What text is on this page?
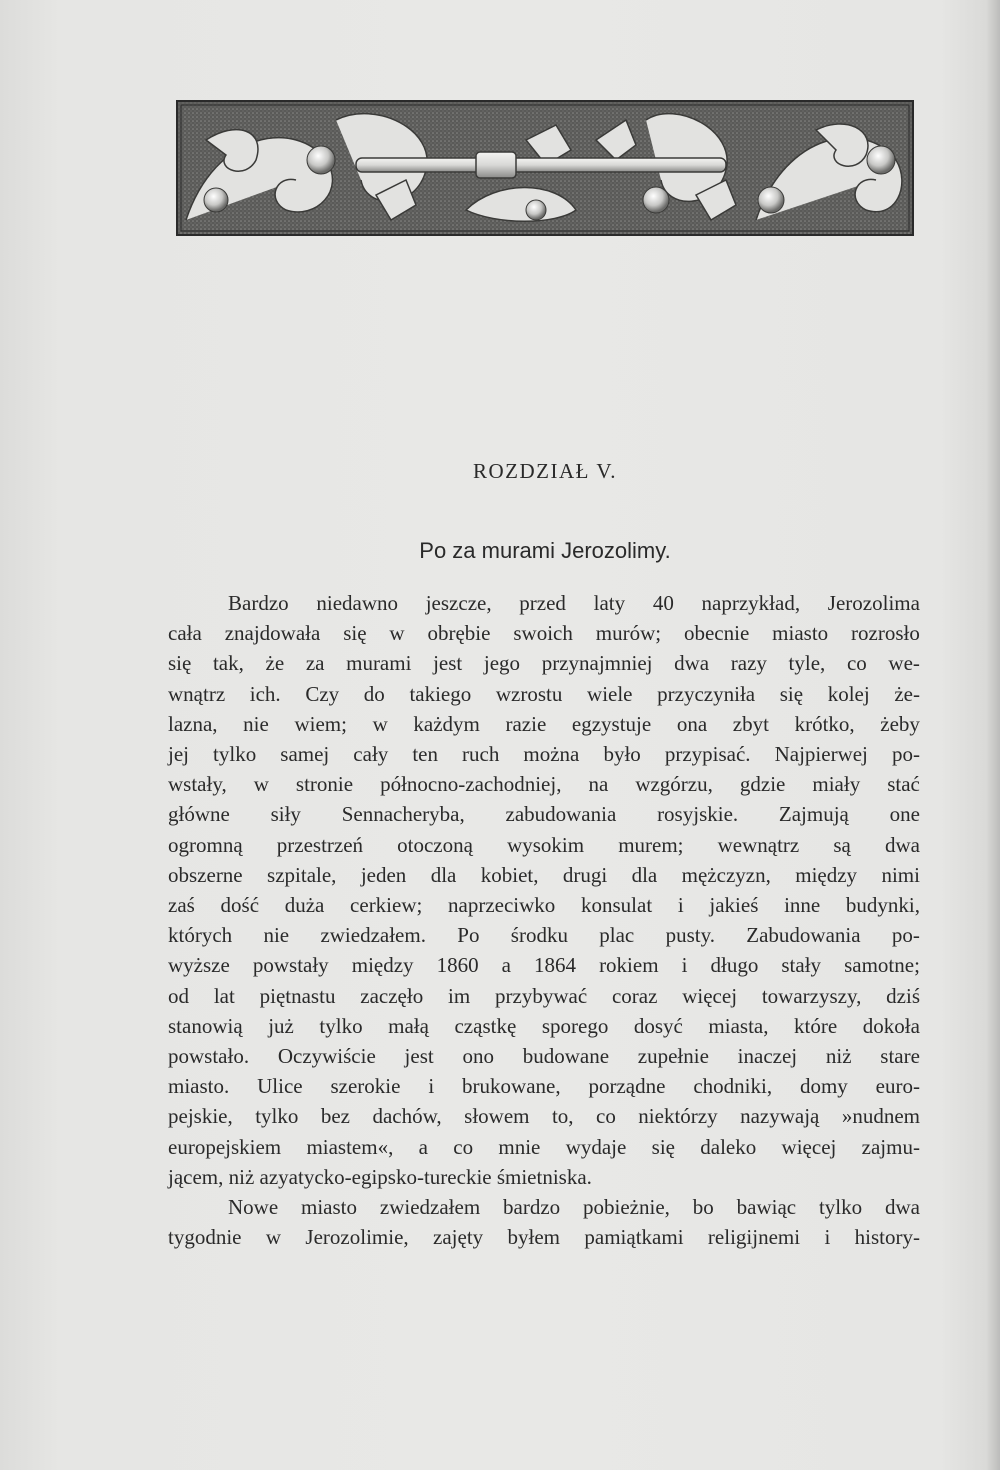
ROZDZIAŁ V.
Po za murami Jerozolimy.
Bardzo niedawno jeszcze, przed laty 40 naprzykład, Jerozolima
cała znajdowała się w obrębie swoich murów; obecnie miasto rozrosło
się tak, że za murami jest jego przynajmniej dwa razy tyle, co we-
wnątrz ich. Czy do takiego wzrostu wiele przyczyniła się kolej że-
lazna, nie wiem; w każdym razie egzystuje ona zbyt krótko, żeby
jej tylko samej cały ten ruch można było przypisać. Najpierwej po-
wstały, w stronie północno-zachodniej, na wzgórzu, gdzie miały stać
główne siły Sennacheryba, zabudowania rosyjskie. Zajmują one
ogromną przestrzeń otoczoną wysokim murem; wewnątrz są dwa
obszerne szpitale, jeden dla kobiet, drugi dla mężczyzn, między nimi
zaś dość duża cerkiew; naprzeciwko konsulat i jakieś inne budynki,
których nie zwiedzałem. Po środku plac pusty. Zabudowania po-
wyższe powstały między 1860 a 1864 rokiem i długo stały samotne;
od lat piętnastu zaczęło im przybywać coraz więcej towarzyszy, dziś
stanowią już tylko małą cząstkę sporego dosyć miasta, które dokoła
powstało. Oczywiście jest ono budowane zupełnie inaczej niż stare
miasto. Ulice szerokie i brukowane, porządne chodniki, domy euro-
pejskie, tylko bez dachów, słowem to, co niektórzy nazywają »nudnem
europejskiem miastem«, a co mnie wydaje się daleko więcej zajmu-
jącem, niż azyatycko-egipsko-tureckie śmietniska.
Nowe miasto zwiedzałem bardzo pobieżnie, bo bawiąc tylko dwa
tygodnie w Jerozolimie, zajęty byłem pamiątkami religijnemi i history-
